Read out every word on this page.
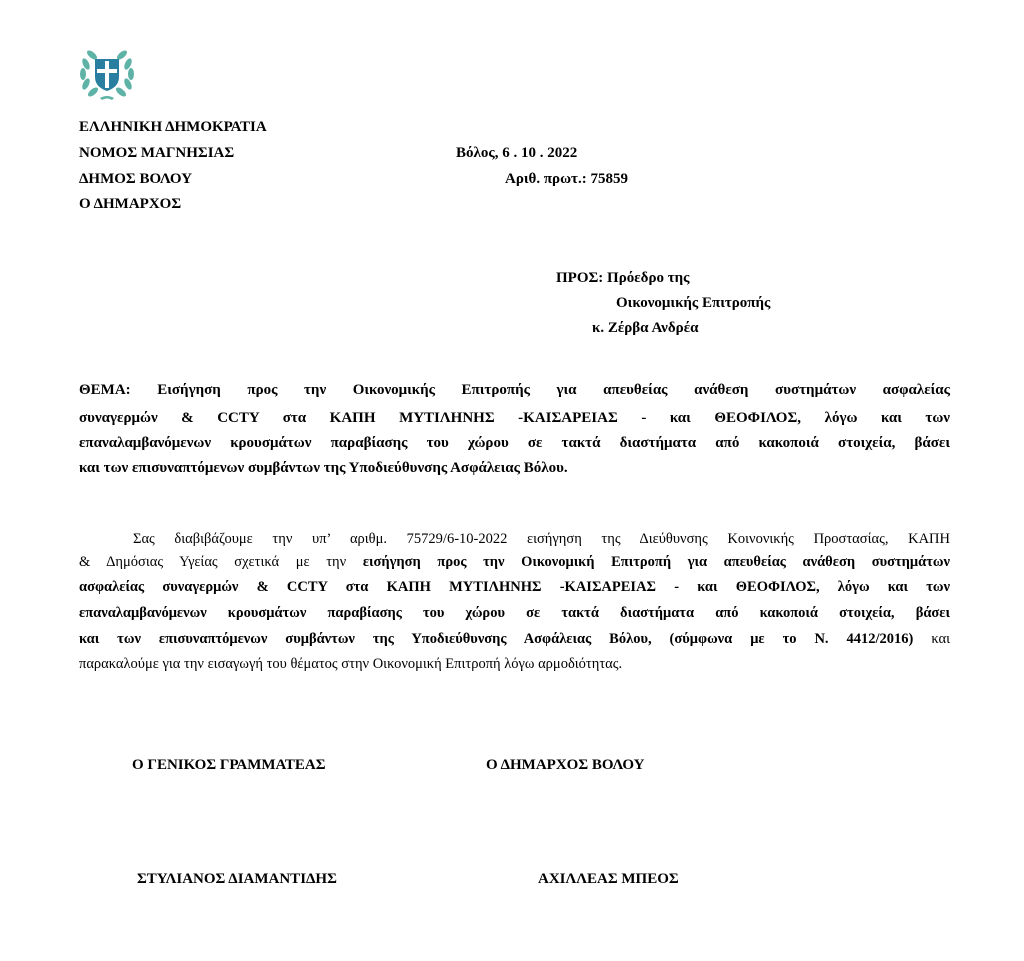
ΕΛΛΗΝΙΚΗ ΔΗΜΟΚΡΑΤΙΑ
ΝΟΜΟΣ ΜΑΓΝΗΣΙΑΣ
ΔΗΜΟΣ ΒΟΛΟΥ
Ο ΔΗΜΑΡΧΟΣ
Βόλος, 6 . 10 . 2022
Αριθ. πρωτ.: 75859
ΠΡΟΣ: Πρόεδρο της
Οικονομικής Επιτροπής
κ. Ζέρβα Ανδρέα
ΘΕΜΑ: Εισήγηση προς την Οικονομικής Επιτροπής για απευθείας ανάθεση συστημάτων ασφαλείας
συναγερμών & CCTY στα ΚΑΠΗ ΜΥΤΙΛΗΝΗΣ -ΚΑΙΣΑΡΕΙΑΣ - και ΘΕΟΦΙΛΟΣ, λόγω και των
επαναλαμβανόμενων κρουσμάτων παραβίασης του χώρου σε τακτά διαστήματα από κακοποιά στοιχεία, βάσει
και των επισυναπτόμενων συμβάντων της Υποδιεύθυνσης Ασφάλειας Βόλου.
Σας διαβιβάζουμε την υπ’ αριθμ. 75729/6-10-2022 εισήγηση της Διεύθυνσης Κοινονικής Προστασίας, ΚΑΠΗ
& Δημόσιας Υγείας σχετικά με την εισήγηση προς την Οικονομική Επιτροπή για απευθείας ανάθεση συστημάτων
ασφαλείας συναγερμών & CCTY στα ΚΑΠΗ ΜΥΤΙΛΗΝΗΣ -ΚΑΙΣΑΡΕΙΑΣ - και ΘΕΟΦΙΛΟΣ, λόγω και των
επαναλαμβανόμενων κρουσμάτων παραβίασης του χώρου σε τακτά διαστήματα από κακοποιά στοιχεία, βάσει
και των επισυναπτόμενων συμβάντων της Υποδιεύθυνσης Ασφάλειας Βόλου, (σύμφωνα με το Ν. 4412/2016) και
παρακαλούμε για την εισαγωγή του θέματος στην Οικονομική Επιτροπή λόγω αρμοδιότητας.
Ο ΓΕΝΙΚΟΣ ΓΡΑΜΜΑΤΕΑΣ	Ο ΔΗΜΑΡΧΟΣ ΒΟΛΟΥ
ΣΤΥΛΙΑΝΟΣ ΔΙΑΜΑΝΤΙΔΗΣ	ΑΧΙΛΛΕΑΣ ΜΠΕΟΣ
